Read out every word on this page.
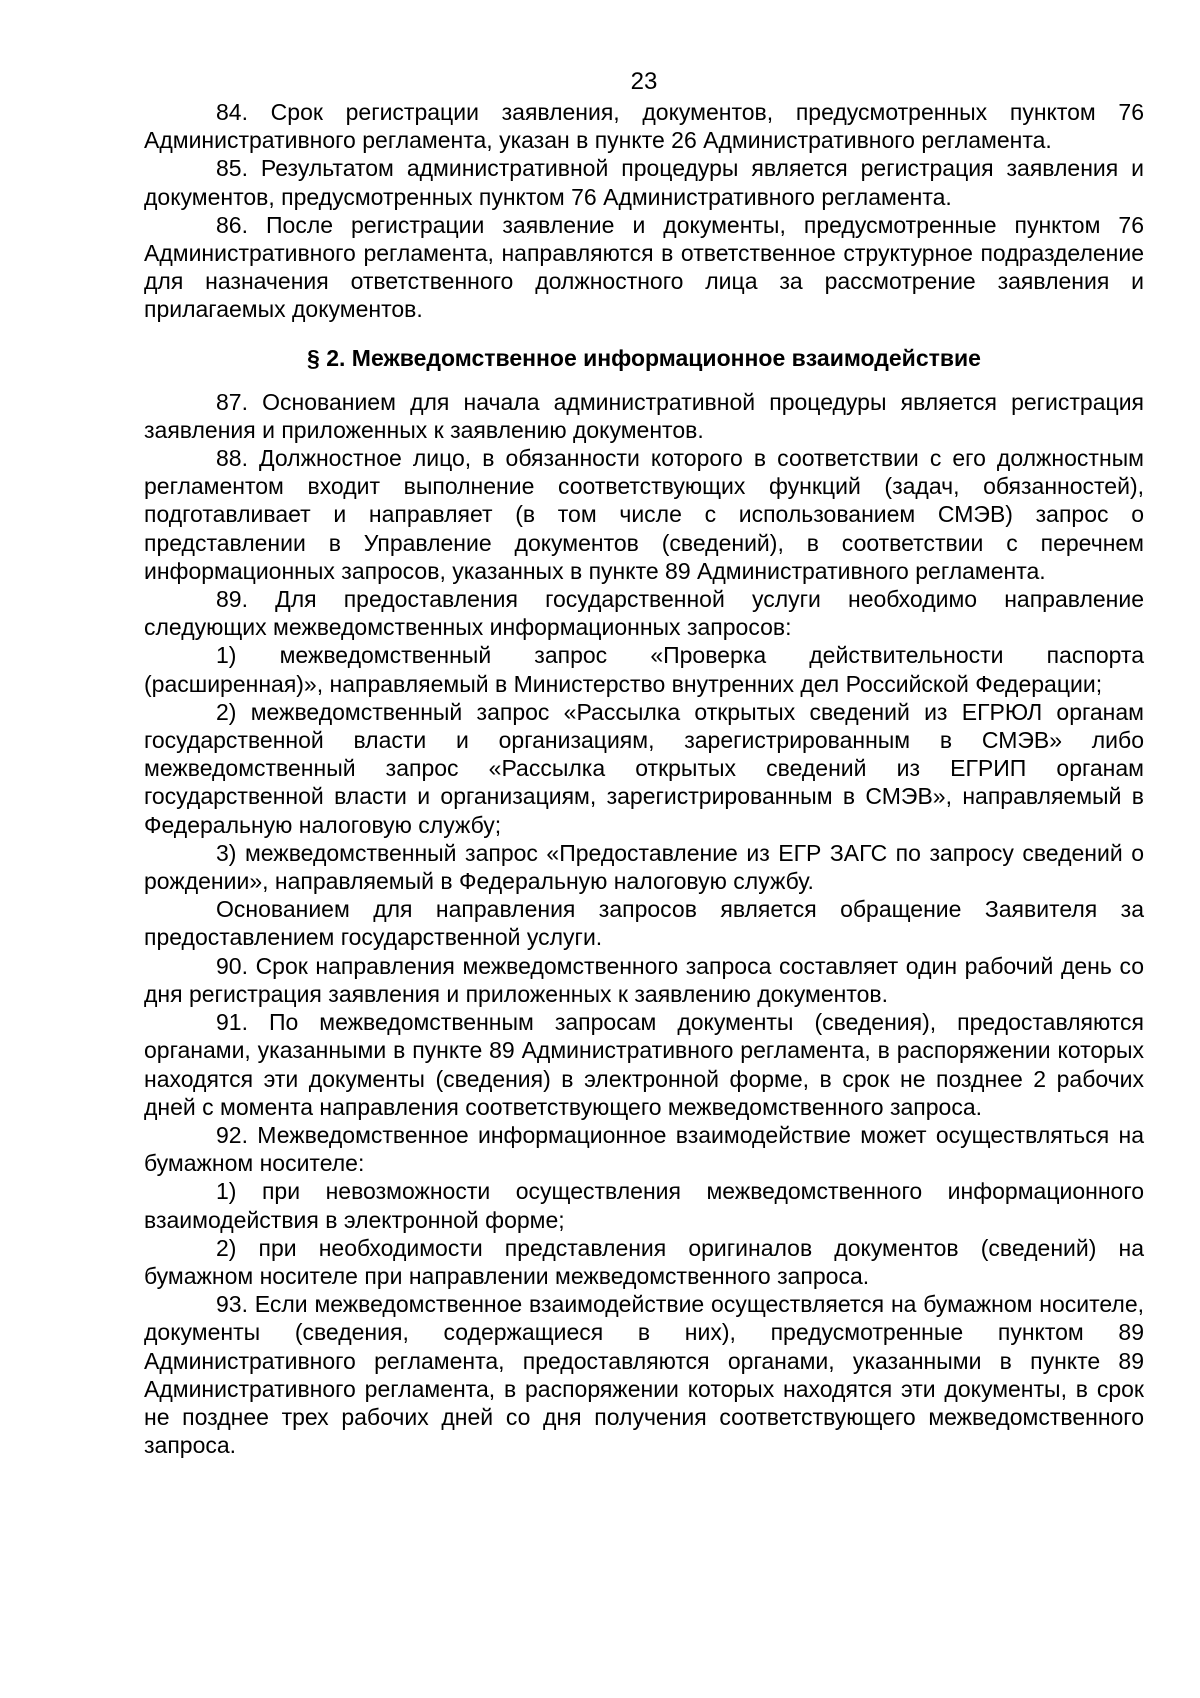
23

84. Срок регистрации заявления, документов, предусмотренных пунктом 76 Административного регламента, указан в пункте 26 Административного регламента.

85. Результатом административной процедуры является регистрация заявления и документов, предусмотренных пунктом 76 Административного регламента.

86. После регистрации заявление и документы, предусмотренные пунктом 76 Административного регламента, направляются в ответственное структурное подразделение для назначения ответственного должностного лица за рассмотрение заявления и прилагаемых документов.

§ 2. Межведомственное информационное взаимодействие

87. Основанием для начала административной процедуры является регистрация заявления и приложенных к заявлению документов.

88. Должностное лицо, в обязанности которого в соответствии с его должностным регламентом входит выполнение соответствующих функций (задач, обязанностей), подготавливает и направляет (в том числе с использованием СМЭВ) запрос о представлении в Управление документов (сведений), в соответствии с перечнем информационных запросов, указанных в пункте 89 Административного регламента.

89. Для предоставления государственной услуги необходимо направление следующих межведомственных информационных запросов:

1) межведомственный запрос «Проверка действительности паспорта (расширенная)», направляемый в Министерство внутренних дел Российской Федерации;

2) межведомственный запрос «Рассылка открытых сведений из ЕГРЮЛ органам государственной власти и организациям, зарегистрированным в СМЭВ» либо межведомственный запрос «Рассылка открытых сведений из ЕГРИП органам государственной власти и организациям, зарегистрированным в СМЭВ», направляемый в Федеральную налоговую службу;

3) межведомственный запрос «Предоставление из ЕГР ЗАГС по запросу сведений о рождении», направляемый в Федеральную налоговую службу.

Основанием для направления запросов является обращение Заявителя за предоставлением государственной услуги.

90. Срок направления межведомственного запроса составляет один рабочий день со дня регистрация заявления и приложенных к заявлению документов.

91. По межведомственным запросам документы (сведения), предоставляются органами, указанными в пункте 89 Административного регламента, в распоряжении которых находятся эти документы (сведения) в электронной форме, в срок не позднее 2 рабочих дней с момента направления соответствующего межведомственного запроса.

92. Межведомственное информационное взаимодействие может осуществляться на бумажном носителе:

1) при невозможности осуществления межведомственного информационного взаимодействия в электронной форме;

2) при необходимости представления оригиналов документов (сведений) на бумажном носителе при направлении межведомственного запроса.

93. Если межведомственное взаимодействие осуществляется на бумажном носителе, документы (сведения, содержащиеся в них), предусмотренные пунктом 89 Административного регламента, предоставляются органами, указанными в пункте 89 Административного регламента, в распоряжении которых находятся эти документы, в срок не позднее трех рабочих дней со дня получения соответствующего межведомственного запроса.
